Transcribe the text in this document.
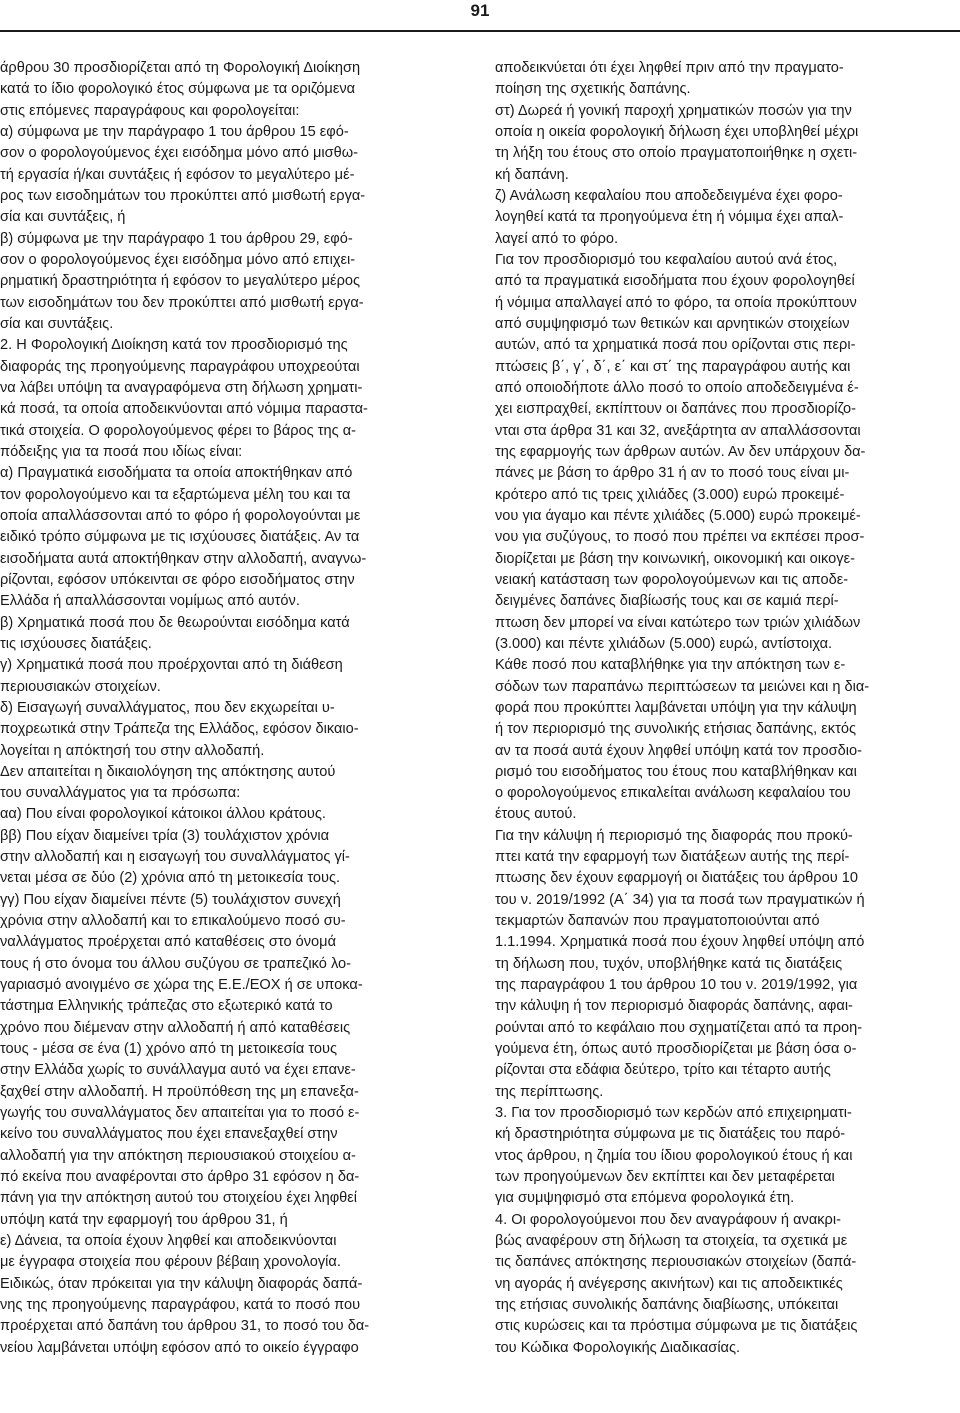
91

άρθρου 30 προσδιορίζεται από τη Φορολογική Διοίκηση

κατά το ίδιο φορολογικό έτος σύμφωνα με τα οριζόμενα

στις επόμενες παραγράφους και φορολογείται:

α) σύμφωνα με την παράγραφο 1 του άρθρου 15 εφό-

σον ο φορολογούμενος έχει εισόδημα μόνο από μισθω-

τή εργασία ή/και συντάξεις ή εφόσον το μεγαλύτερο μέ-

ρος των εισοδημάτων του προκύπτει από μισθωτή εργα-

σία και συντάξεις, ή

β) σύμφωνα με την παράγραφο 1 του άρθρου 29, εφό-

σον ο φορολογούμενος έχει εισόδημα μόνο από επιχει-

ρηματική δραστηριότητα ή εφόσον το μεγαλύτερο μέρος

των εισοδημάτων του δεν προκύπτει από μισθωτή εργα-

σία και συντάξεις.

2. Η Φορολογική Διοίκηση κατά τον προσδιορισμό της

διαφοράς της προηγούμενης παραγράφου υποχρεούται

να λάβει υπόψη τα αναγραφόμενα στη δήλωση χρηματι-

κά ποσά, τα οποία αποδεικνύονται από νόμιμα παραστα-

τικά στοιχεία. Ο φορολογούμενος φέρει το βάρος της α-

πόδειξης για τα ποσά που ιδίως είναι:

α) Πραγματικά εισοδήματα τα οποία αποκτήθηκαν από

τον φορολογούμενο και τα εξαρτώμενα μέλη του και τα

οποία απαλλάσσονται από το φόρο ή φορολογούνται με

ειδικό τρόπο σύμφωνα με τις ισχύουσες διατάξεις. Αν τα

εισοδήματα αυτά αποκτήθηκαν στην αλλοδαπή, αναγνω-

ρίζονται, εφόσον υπόκεινται σε φόρο εισοδήματος στην

Ελλάδα ή απαλλάσσονται νομίμως από αυτόν.

β) Χρηματικά ποσά που δε θεωρούνται εισόδημα κατά

τις ισχύουσες διατάξεις.

γ) Χρηματικά ποσά που προέρχονται από τη διάθεση

περιουσιακών στοιχείων.

δ) Εισαγωγή συναλλάγματος, που δεν εκχωρείται υ-

ποχρεωτικά στην Τράπεζα της Ελλάδος, εφόσον δικαιο-

λογείται η απόκτησή του στην αλλοδαπή.

Δεν απαιτείται η δικαιολόγηση της απόκτησης αυτού

του συναλλάγματος για τα πρόσωπα:

αα) Που είναι φορολογικοί κάτοικοι άλλου κράτους.

ββ) Που είχαν διαμείνει τρία (3) τουλάχιστον χρόνια

στην αλλοδαπή και η εισαγωγή του συναλλάγματος γί-

νεται μέσα σε δύο (2) χρόνια από τη μετοικεσία τους.

γγ) Που είχαν διαμείνει πέντε (5) τουλάχιστον συνεχή

χρόνια στην αλλοδαπή και το επικαλούμενο ποσό συ-

ναλλάγματος προέρχεται από καταθέσεις στο όνομά

τους ή στο όνομα του άλλου συζύγου σε τραπεζικό λο-

γαριασμό ανοιγμένο σε χώρα της Ε.Ε./ΕΟΧ ή σε υποκα-

τάστημα Ελληνικής τράπεζας στο εξωτερικό κατά το

χρόνο που διέμεναν στην αλλοδαπή ή από καταθέσεις

τους - μέσα σε ένα (1) χρόνο από τη μετοικεσία τους

στην Ελλάδα χωρίς το συνάλλαγμα αυτό να έχει επανε-

ξαχθεί στην αλλοδαπή. Η προϋπόθεση της μη επανεξα-

γωγής του συναλλάγματος δεν απαιτείται για το ποσό ε-

κείνο του συναλλάγματος που έχει επανεξαχθεί στην

αλλοδαπή για την απόκτηση περιουσιακού στοιχείου α-

πό εκείνα που αναφέρονται στο άρθρο 31 εφόσον η δα-

πάνη για την απόκτηση αυτού του στοιχείου έχει ληφθεί

υπόψη κατά την εφαρμογή του άρθρου 31, ή

ε) Δάνεια, τα οποία έχουν ληφθεί και αποδεικνύονται

με έγγραφα στοιχεία που φέρουν βέβαιη χρονολογία.

Ειδικώς, όταν πρόκειται για την κάλυψη διαφοράς δαπά-

νης της προηγούμενης παραγράφου, κατά το ποσό που

προέρχεται από δαπάνη του άρθρου 31, το ποσό του δα-

νείου λαμβάνεται υπόψη εφόσον από το οικείο έγγραφο

αποδεικνύεται ότι έχει ληφθεί πριν από την πραγματο-

ποίηση της σχετικής δαπάνης.

στ) Δωρεά ή γονική παροχή χρηματικών ποσών για την

οποία η οικεία φορολογική δήλωση έχει υποβληθεί μέχρι

τη λήξη του έτους στο οποίο πραγματοποιήθηκε η σχετι-

κή δαπάνη.

ζ) Ανάλωση κεφαλαίου που αποδεδειγμένα έχει φορο-

λογηθεί κατά τα προηγούμενα έτη ή νόμιμα έχει απαλ-

λαγεί από το φόρο.

Για τον προσδιορισμό του κεφαλαίου αυτού ανά έτος,

από τα πραγματικά εισοδήματα που έχουν φορολογηθεί

ή νόμιμα απαλλαγεί από το φόρο, τα οποία προκύπτουν

από συμψηφισμό των θετικών και αρνητικών στοιχείων

αυτών, από τα χρηματικά ποσά που ορίζονται στις περι-

πτώσεις β΄, γ΄, δ΄, ε΄ και στ΄ της παραγράφου αυτής και

από οποιοδήποτε άλλο ποσό το οποίο αποδεδειγμένα έ-

χει εισπραχθεί, εκπίπτουν οι δαπάνες που προσδιορίζο-

νται στα άρθρα 31 και 32, ανεξάρτητα αν απαλλάσσονται

της εφαρμογής των άρθρων αυτών. Αν δεν υπάρχουν δα-

πάνες με βάση το άρθρο 31 ή αν το ποσό τους είναι μι-

κρότερο από τις τρεις χιλιάδες (3.000) ευρώ προκειμέ-

νου για άγαμο και πέντε χιλιάδες (5.000) ευρώ προκειμέ-

νου για συζύγους, το ποσό που πρέπει να εκπέσει προσ-

διορίζεται με βάση την κοινωνική, οικονομική και οικογε-

νειακή κατάσταση των φορολογούμενων και τις αποδε-

δειγμένες δαπάνες διαβίωσής τους και σε καμιά περί-

πτωση δεν μπορεί να είναι κατώτερο των τριών χιλιάδων

(3.000) και πέντε χιλιάδων (5.000) ευρώ, αντίστοιχα.

Κάθε ποσό που καταβλήθηκε για την απόκτηση των ε-

σόδων των παραπάνω περιπτώσεων τα μειώνει και η δια-

φορά που προκύπτει λαμβάνεται υπόψη για την κάλυψη

ή τον περιορισμό της συνολικής ετήσιας δαπάνης, εκτός

αν τα ποσά αυτά έχουν ληφθεί υπόψη κατά τον προσδιο-

ρισμό του εισοδήματος του έτους που καταβλήθηκαν και

ο φορολογούμενος επικαλείται ανάλωση κεφαλαίου του

έτους αυτού.

Για την κάλυψη ή περιορισμό της διαφοράς που προκύ-

πτει κατά την εφαρμογή των διατάξεων αυτής της περί-

πτωσης δεν έχουν εφαρμογή οι διατάξεις του άρθρου 10

του ν. 2019/1992 (Α΄ 34) για τα ποσά των πραγματικών ή

τεκμαρτών δαπανών που πραγματοποιούνται από

1.1.1994. Χρηματικά ποσά που έχουν ληφθεί υπόψη από

τη δήλωση που, τυχόν, υποβλήθηκε κατά τις διατάξεις

της παραγράφου 1 του άρθρου 10 του ν. 2019/1992, για

την κάλυψη ή τον περιορισμό διαφοράς δαπάνης, αφαι-

ρούνται από το κεφάλαιο που σχηματίζεται από τα προη-

γούμενα έτη, όπως αυτό προσδιορίζεται με βάση όσα ο-

ρίζονται στα εδάφια δεύτερο, τρίτο και τέταρτο αυτής

της περίπτωσης.

3. Για τον προσδιορισμό των κερδών από επιχειρηματι-

κή δραστηριότητα σύμφωνα με τις διατάξεις του παρό-

ντος άρθρου, η ζημία του ίδιου φορολογικού έτους ή και

των προηγούμενων δεν εκπίπτει και δεν μεταφέρεται

για συμψηφισμό στα επόμενα φορολογικά έτη.

4. Οι φορολογούμενοι που δεν αναγράφουν ή ανακρι-

βώς αναφέρουν στη δήλωση τα στοιχεία, τα σχετικά με

τις δαπάνες απόκτησης περιουσιακών στοιχείων (δαπά-

νη αγοράς ή ανέγερσης ακινήτων) και τις αποδεικτικές

της ετήσιας συνολικής δαπάνης διαβίωσης, υπόκειται

στις κυρώσεις και τα πρόστιμα σύμφωνα με τις διατάξεις

του Κώδικα Φορολογικής Διαδικασίας.
